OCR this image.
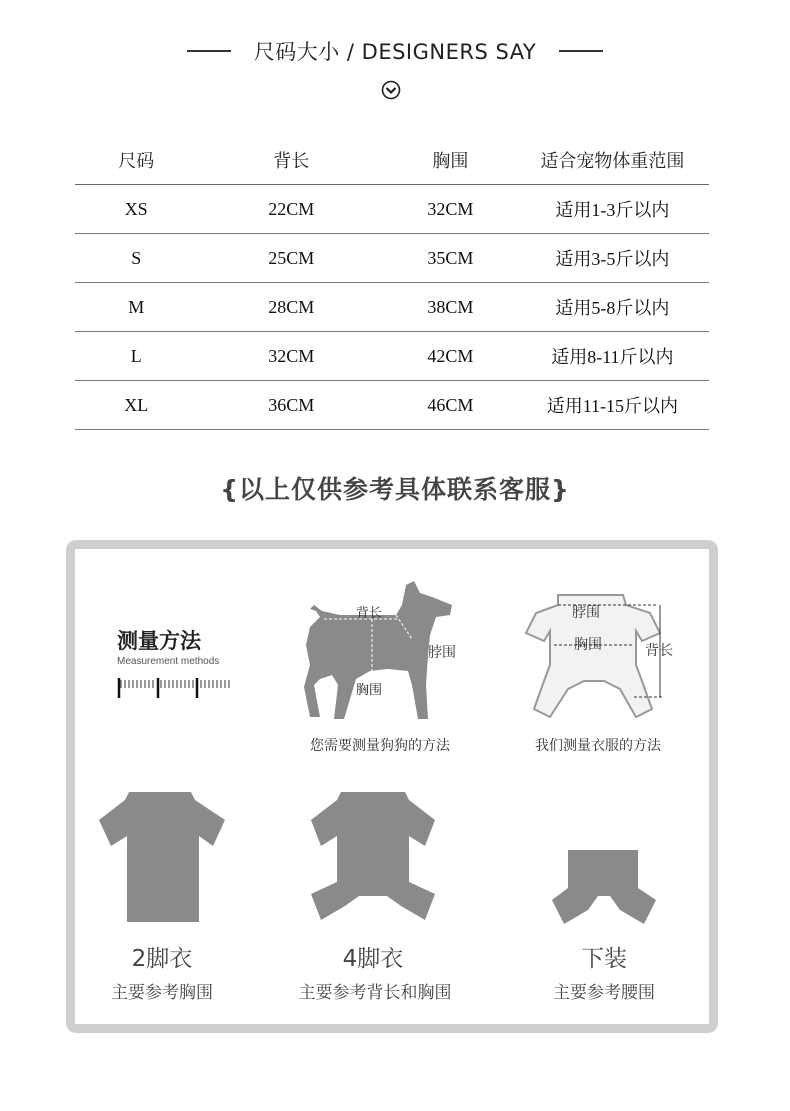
尺码大小 / DESIGNERS SAY
尺码	背长	胸围	适合宠物体重范围
XS	22CM	32CM	适用1-3斤以内
S	25CM	35CM	适用3-5斤以内
M	28CM	38CM	适用5-8斤以内
L	32CM	42CM	适用8-11斤以内
XL	36CM	46CM	适用11-15斤以内
{以上仅供参考具体联系客服}
测量方法
Measurement methods
背长
脖围
胸围
您需要测量狗狗的方法
脖围
胸围	背长
我们测量衣服的方法
2脚衣
主要参考胸围
4脚衣
主要参考背长和胸围
下装
主要参考腰围
